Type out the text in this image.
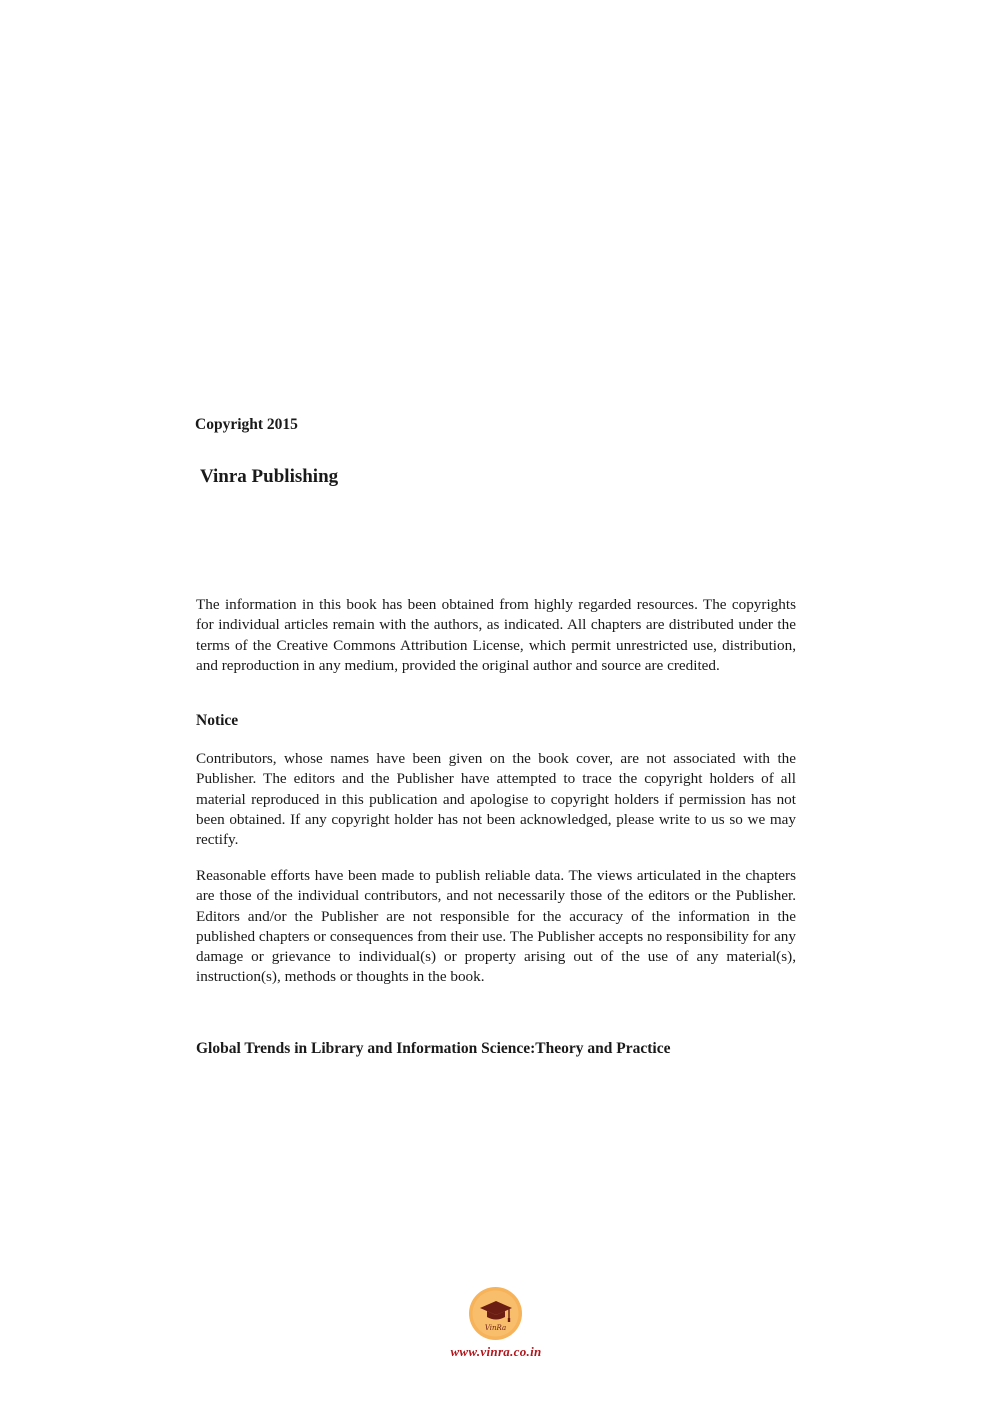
Copyright 2015

Vinra Publishing

The information in this book has been obtained from highly regarded resources. The copyrights for individual articles remain with the authors, as indicated. All chapters are distributed under the terms of the Creative Commons Attribution License, which permit unrestricted use, distribution, and reproduction in any medium, provided the original author and source are credited.

Notice

Contributors, whose names have been given on the book cover, are not associated with the Publisher. The editors and the Publisher have attempted to trace the copyright holders of all material reproduced in this publication and apologise to copyright holders if permission has not been obtained. If any copyright holder has not been acknowledged, please write to us so we may rectify.

Reasonable efforts have been made to publish reliable data. The views articulated in the chapters are those of the individual contributors, and not necessarily those of the editors or the Publisher. Editors and/or the Publisher are not responsible for the accuracy of the information in the published chapters or consequences from their use. The Publisher accepts no responsibility for any damage or grievance to individual(s) or property arising out of the use of any material(s), instruction(s), methods or thoughts in the book.

Global Trends in Library and Information Science:Theory and Practice

VinRa

www.vinra.co.in
